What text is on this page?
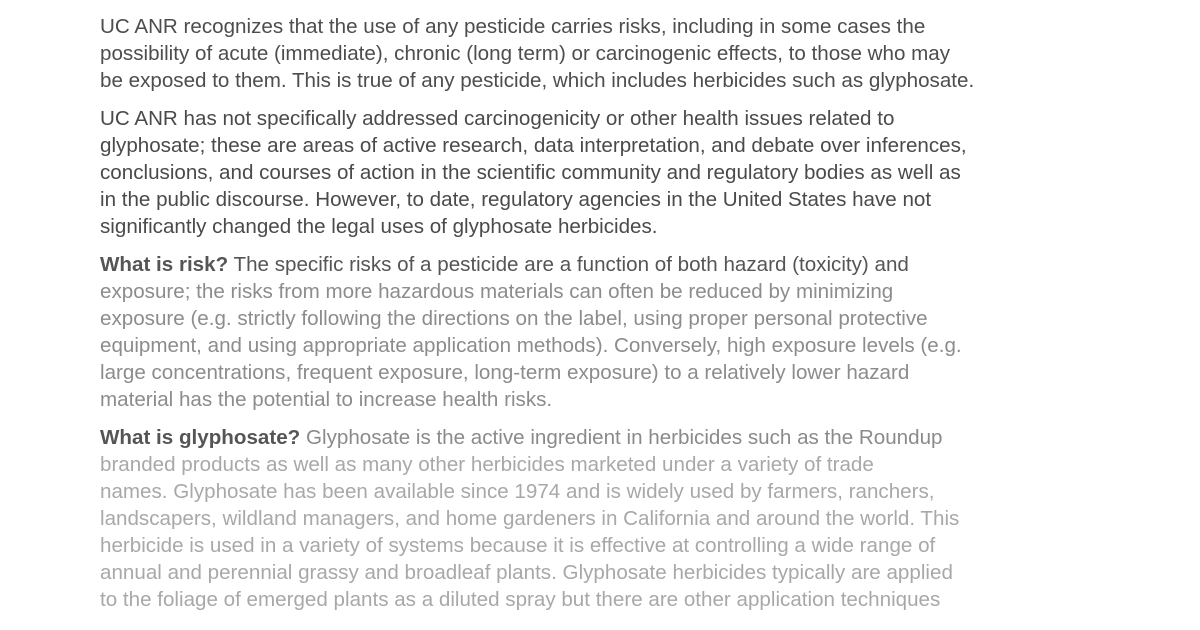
UC ANR recognizes that the use of any pesticide carries risks, including in some cases the
possibility of acute (immediate), chronic (long term) or carcinogenic effects, to those who may
be exposed to them. This is true of any pesticide, which includes herbicides such as glyphosate.

UC ANR has not specifically addressed carcinogenicity or other health issues related to
glyphosate; these are areas of active research, data interpretation, and debate over inferences,
conclusions, and courses of action in the scientific community and regulatory bodies as well as
in the public discourse. However, to date, regulatory agencies in the United States have not
significantly changed the legal uses of glyphosate herbicides.

What is risk? The specific risks of a pesticide are a function of both hazard (toxicity) and
exposure; the risks from more hazardous materials can often be reduced by minimizing
exposure (e.g. strictly following the directions on the label, using proper personal protective
equipment, and using appropriate application methods). Conversely, high exposure levels (e.g.
large concentrations, frequent exposure, long-term exposure) to a relatively lower hazard
material has the potential to increase health risks.

What is glyphosate? Glyphosate is the active ingredient in herbicides such as the Roundup
branded products as well as many other herbicides marketed under a variety of trade
names. Glyphosate has been available since 1974 and is widely used by farmers, ranchers,
landscapers, wildland managers, and home gardeners in California and around the world. This
herbicide is used in a variety of systems because it is effective at controlling a wide range of
annual and perennial grassy and broadleaf plants. Glyphosate herbicides typically are applied
to the foliage of emerged plants as a diluted spray but there are other application techniques
